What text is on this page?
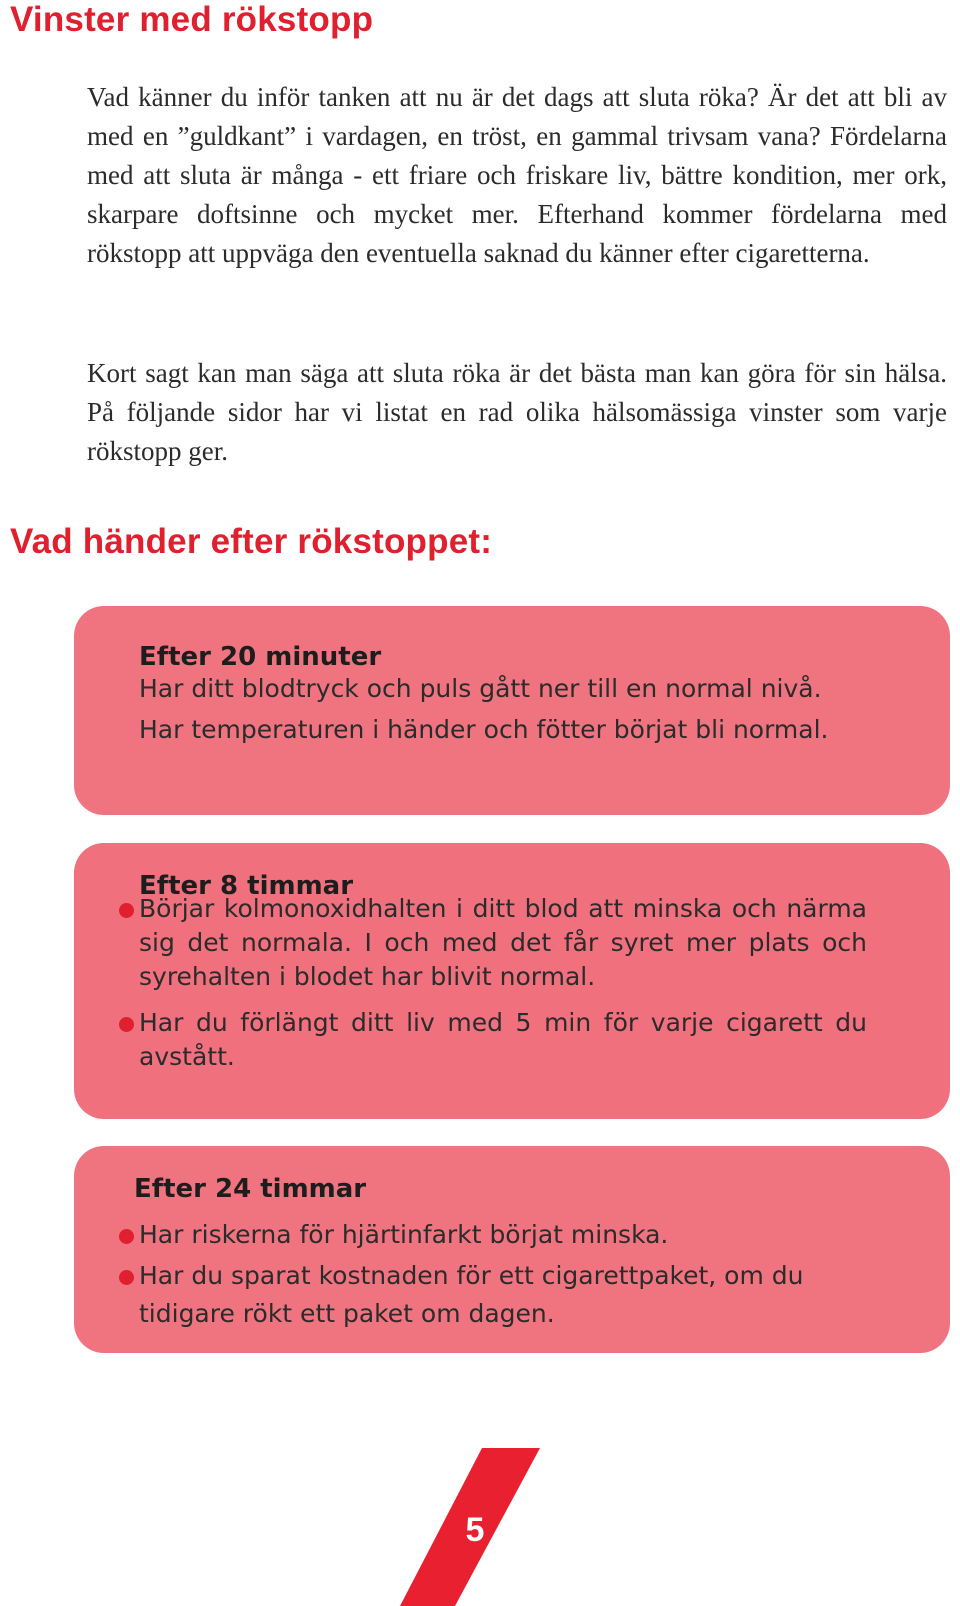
Vinster med rökstopp

Vad känner du inför tanken att nu är det dags att sluta röka? Är det att bli av med en ”guldkant” i vardagen, en tröst, en gammal trivsam vana? Fördelarna med att sluta är många - ett friare och friskare liv, bättre kondition, mer ork, skarpare doftsinne och mycket mer. Efterhand kommer fördelarna med rökstopp att uppväga den eventuella saknad du känner efter cigaretterna.

Kort sagt kan man säga att sluta röka är det bästa man kan göra för sin hälsa. På följande sidor har vi listat en rad olika hälsomässiga vinster som varje rökstopp ger.

Vad händer efter rökstoppet:
Efter 20 minuter

Har ditt blodtryck och puls gått ner till en normal nivå.

Har temperaturen i händer och fötter börjat bli normal.

Efter 8 timmar
Börjar kolmonoxidhalten i ditt blod att minska och närma sig det normala. I och med det får syret mer plats och syrehalten i blodet har blivit normal.
Har du förlängt ditt liv med 5 min för varje cigarett du avstått.
Efter 24 timmar
Har riskerna för hjärtinfarkt börjat minska.
Har du sparat kostnaden för ett cigarettpaket, om du tidigare rökt ett paket om dagen.
5
